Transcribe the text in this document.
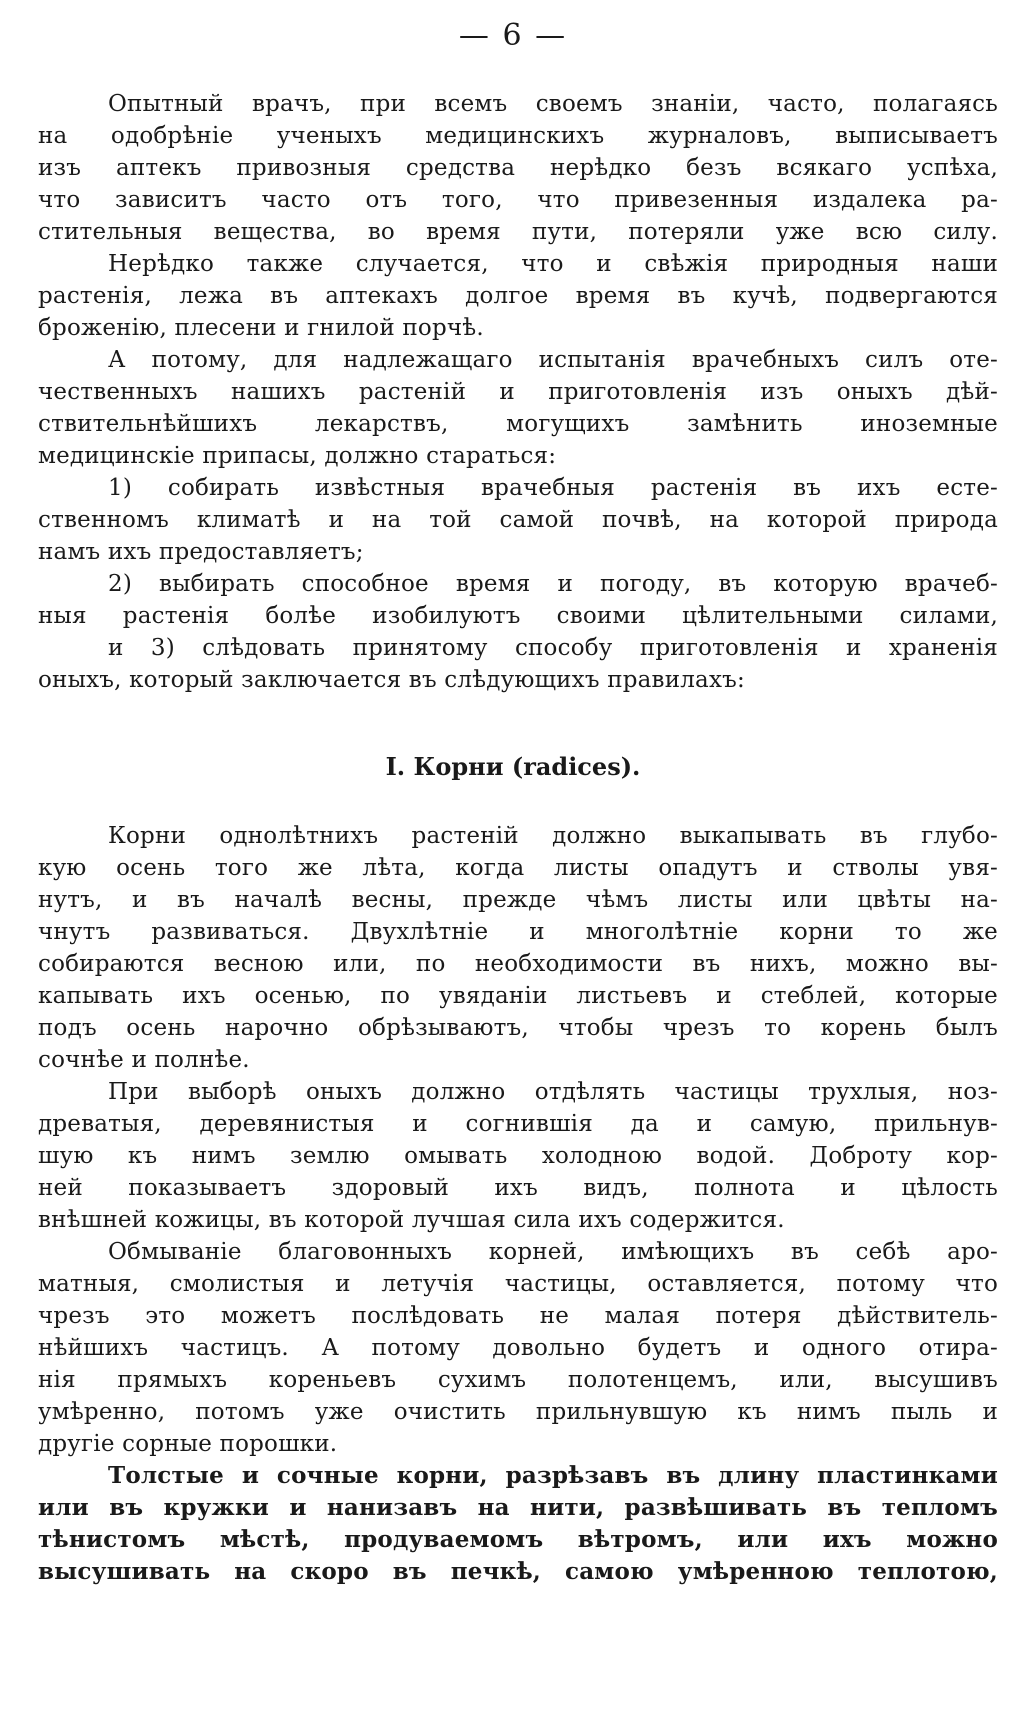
— 6 —
Опытный врачъ, при всемъ своемъ знаніи, часто, полагаясь
на одобрѣніе ученыхъ медицинскихъ журналовъ, выписываетъ
изъ аптекъ привозныя средства нерѣдко безъ всякаго успѣха,
что зависитъ часто отъ того, что привезенныя издалека ра-
стительныя вещества, во время пути, потеряли уже всю силу.
Нерѣдко также случается, что и свѣжія природныя наши
растенія, лежа въ аптекахъ долгое время въ кучѣ, подвергаются
броженію, плесени и гнилой порчѣ.
А потому, для надлежащаго испытанія врачебныхъ силъ оте-
чественныхъ нашихъ растеній и приготовленія изъ оныхъ дѣй-
ствительнѣйшихъ лекарствъ, могущихъ замѣнить иноземные
медицинскіе припасы, должно стараться:
1) собирать извѣстныя врачебныя растенія въ ихъ есте-
ственномъ климатѣ и на той самой почвѣ, на которой природа
намъ ихъ предоставляетъ;
2) выбирать способное время и погоду, въ которую врачеб-
ныя растенія болѣе изобилуютъ своими цѣлительными силами,
и 3) слѣдовать принятому способу приготовленія и храненія
оныхъ, который заключается въ слѣдующихъ правилахъ:
I. Корни (radices).
Корни однолѣтнихъ растеній должно выкапывать въ глубо-
кую осень того же лѣта, когда листы опадутъ и стволы увя-
нутъ, и въ началѣ весны, прежде чѣмъ листы или цвѣты на-
чнутъ развиваться. Двухлѣтніе и многолѣтніе корни то же
собираются весною или, по необходимости въ нихъ, можно вы-
капывать ихъ осенью, по увяданіи листьевъ и стеблей, которые
подъ осень нарочно обрѣзываютъ, чтобы чрезъ то корень былъ
сочнѣе и полнѣе.
При выборѣ оныхъ должно отдѣлять частицы трухлыя, ноз-
древатыя, деревянистыя и согнившія да и самую, прильнув-
шую къ нимъ землю омывать холодною водой. Доброту кор-
ней показываетъ здоровый ихъ видъ, полнота и цѣлость
внѣшней кожицы, въ которой лучшая сила ихъ содержится.
Обмываніе благовонныхъ корней, имѣющихъ въ себѣ аро-
матныя, смолистыя и летучія частицы, оставляется, потому что
чрезъ это можетъ послѣдовать не малая потеря дѣйствитель-
нѣйшихъ частицъ. А потому довольно будетъ и одного отира-
нія прямыхъ кореньевъ сухимъ полотенцемъ, или, высушивъ
умѣренно, потомъ уже очистить прильнувшую къ нимъ пыль и
другіе сорные порошки.
Толстые и сочные корни, разрѣзавъ въ длину пластинками
или въ кружки и нанизавъ на нити, развѣшивать въ тепломъ
тѣнистомъ мѣстѣ, продуваемомъ вѣтромъ, или ихъ можно
высушивать на скоро въ печкѣ, самою умѣренною теплотою,
